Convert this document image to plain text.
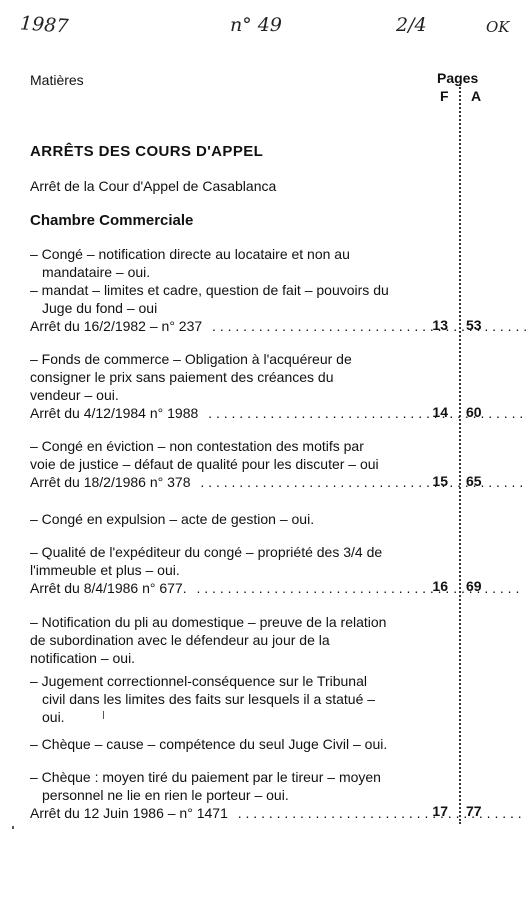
1987	n° 49	2/4	OK
Matières	Pages
F A
ARRÊTS DES COURS D'APPEL
Arrêt de la Cour d'Appel de Casablanca
Chambre Commerciale
– Congé – notification directe au locataire et non au
mandataire – oui.
– mandat – limites et cadre, question de fait – pouvoirs du
Juge du fond – oui
Arrêt du 16/2/1982 – n° 237 . . .	13 53
– Fonds de commerce – Obligation à l'acquéreur de
consigner le prix sans paiement des créances du
vendeur – oui.
Arrêt du 4/12/1984 n° 1988 . . .	14 60
– Congé en éviction – non contestation des motifs par
voie de justice – défaut de qualité pour les discuter – oui
Arrêt du 18/2/1986 n° 378 . . .	15 65
– Congé en expulsion – acte de gestion – oui.
– Qualité de l'expéditeur du congé – propriété des 3/4 de
l'immeuble et plus – oui.
Arrêt du 8/4/1986 n° 677. . . .	16 69
– Notification du pli au domestique – preuve de la relation
de subordination avec le défendeur au jour de la
notification – oui.
– Jugement correctionnel-conséquence sur le Tribunal
civil dans les limites des faits sur lesquels il a statué –
oui.
– Chèque – cause – compétence du seul Juge Civil – oui.
– Chèque : moyen tiré du paiement par le tireur – moyen
personnel ne lie en rien le porteur – oui.
Arrêt du 12 Juin 1986 – n° 1471 . . .	17 77
